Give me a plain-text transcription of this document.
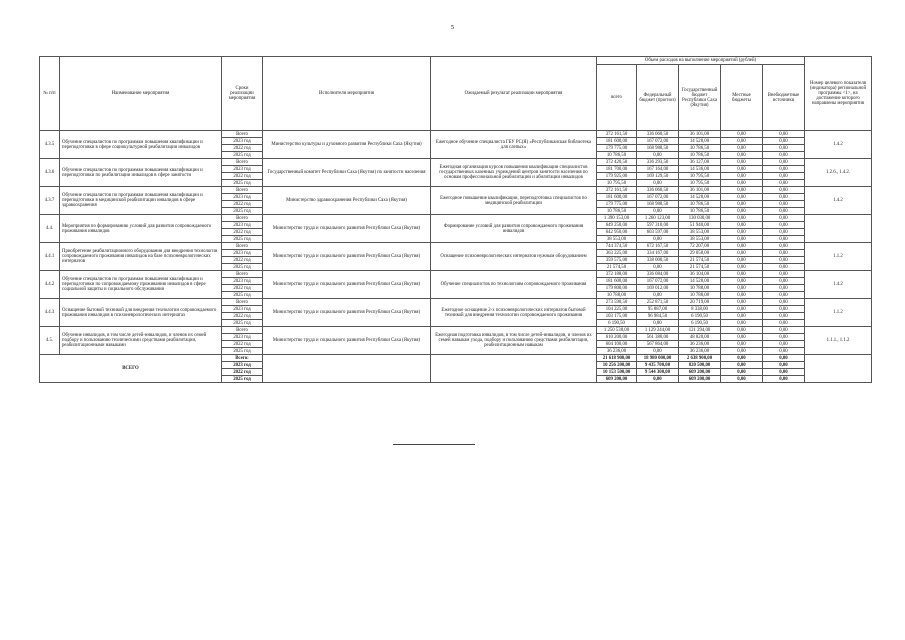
5
№ п/п	Наименование мероприятия	Сроки реализации мероприятия	Исполнители мероприятия	Ожидаемый результат реализации мероприятия	Объем расходов на выполнение мероприятий (рублей)					Номер целевого показателя (индикатора) региональной программы <1>, на достижение которого направлены мероприятия
					всего	Федеральный бюджет (прогноз)	Государственный бюджет Республики Саха (Якутия)	Местные бюджеты	Внебюджетные источники	
4.3.5	Обучение специалистов по программам повышения квалификации и переподготовки в сфере социокультурной реабилитации инвалидов	Всего	Министерство культуры и духовного развития Республики Саха (Якутия)	Ежегодное обучение специалиста ГБУ РС(Я) «Республиканская библиотека для слепых»	372 161,50	336 060,50	36 101,00	0,00	0,00	1.4.2
		2023 год			181 600,00	167 072,00	14 528,00	0,00	0,00	
		2022 год			179 775,00	168 988,50	10 786,50	0,00	0,00	
		2025 год			10 786,50	0,00	10 786,50	0,00	0,00	
4.3.6	Обучение специалистов по программам повышения квалификации и переподготовки по реабилитации инвалидов в сфере занятости	Всего	Государственный комитет Республики Саха (Якутия) по занятости населения	Ежегодная организация курсов повышения квалификации специалистов государственных казенных учреждений центров занятости населения по основам профессиональной реабилитации и абилитации инвалидов	372 420,50	336 293,50	36 127,00	0,00	0,00	1.2.6., 1.4.2.
		2023 год			181 700,00	167 164,00	14 536,00	0,00	0,00	
		2022 год			179 925,00	169 129,50	10 795,50	0,00	0,00	
		2025 год			10 795,50	0,00	10 795,50	0,00	0,00	
4.3.7	Обучение специалистов по программам повышения квалификации и переподготовки в медицинской реабилитации инвалидов в сфере здравоохранения	Всего	Министерство здравоохранения Республики Саха (Якутия)	Ежегодное повышение квалификации, переподготовка специалистов по медицинской реабилитации	372 161,50	336 060,50	36 101,00	0,00	0,00	1.4.2
		2023 год			181 600,00	167 072,00	14 528,00	0,00	0,00	
		2022 год			179 775,00	168 988,50	10 786,50	0,00	0,00	
		2025 год			10 786,50	0,00	10 786,50	0,00	0,00	
4.4.	Мероприятия по формированию условий для развития сопровождаемого проживания инвалидов	Всего	Министерство труда и социального развития Республики Саха (Якутия)	Формирование условий для развития сопровождаемого проживания инвалидов	1 390 153,00	1 260 123,00	130 030,00	0,00	0,00	
		2023 год			649 250,00	597 310,00	51 940,00	0,00	0,00	
		2022 год			642 950,00	603 597,00	38 553,00	0,00	0,00	
		2025 год			38 553,00	0,00	38 553,00	0,00	0,00	
4.4.1	Приобретение реабилитационного оборудования для внедрения технологии сопровождаемого проживания инвалидов на базе психоневрологических интернатов	Всего	Министерство труда и социального развития Республики Саха (Якутия)	Оснащение психоневрологических интернатов нужным оборудованием	744 374,50	672 167,50	72 207,00	0,00	0,00	1.1.2
		2023 год			363 225,00	334 167,00	29 058,00	0,00	0,00	
		2022 год			359 575,00	338 000,50	21 574,50	0,00	0,00	
		2025 год			21 574,50	0,00	21 574,50	0,00	0,00	
4.4.2	Обучение специалистов по программам повышения квалификации и переподготовки по сопровождаемому проживанию инвалидов в сфере социальной защиты и социального обслуживания	Всего	Министерство труда и социального развития Республики Саха (Якутия)	Обучение специалистов по технологиям сопровождаемого проживания	372 188,00	336 084,00	36 104,00	0,00	0,00	1.4.2
		2023 год			181 600,00	167 072,00	14 528,00	0,00	0,00	
		2022 год			179 800,00	169 012,00	10 788,00	0,00	0,00	
		2025 год			10 788,00	0,00	10 788,00	0,00	0,00	
4.4.3	Оснащение бытовой техникой для внедрения технологии сопровождаемого проживания инвалидов в психоневрологических интернатах	Всего	Министерство труда и социального развития Республики Саха (Якутия)	Ежегодное оснащение 2-х психоневрологических интернатов бытовой техникой для внедрения технологии сопровождаемого проживания	273 590,50	252 871,50	20 719,00	0,00	0,00	1.1.2
		2023 год			104 225,00	95 887,00	8 338,00	0,00	0,00	
		2022 год			103 175,00	96 984,50	6 190,50	0,00	0,00	
		2025 год			6 190,50	0,00	6 190,50	0,00	0,00	
4.5.	Обучение инвалидов, в том числе детей-инвалидов, и членов их семей подбору и пользованию техническими средствами реабилитации, реабилитационными навыками	Всего	Министерство труда и социального развития Республики Саха (Якутия)	Ежегодная подготовка инвалидов, в том числе детей-инвалидов, и членов их семей навыкам ухода, подбору и пользованию средствами реабилитации, реабилитационным навыкам	1 250 538,00	1 129 244,00	121 294,00	0,00	0,00	1.1.1., 1.1.2
		2023 год			610 200,00	561 380,00	48 820,00	0,00	0,00	
		2022 год			604 100,00	567 864,00	36 236,00	0,00	0,00	
		2025 год			36 236,00	0,00	36 236,00	0,00	0,00	
ВСЕГО		Всего:			21 618 900,00	18 980 000,00	2 638 900,00	0,00	0,00	
		2023 год			10 256 200,00	9 435 700,00	820 500,00	0,00	0,00	
		2022 год			10 153 500,00	9 544 300,00	609 200,00	0,00	0,00	
		2025 год			609 200,00	0,00	609 200,00	0,00	0,00	
